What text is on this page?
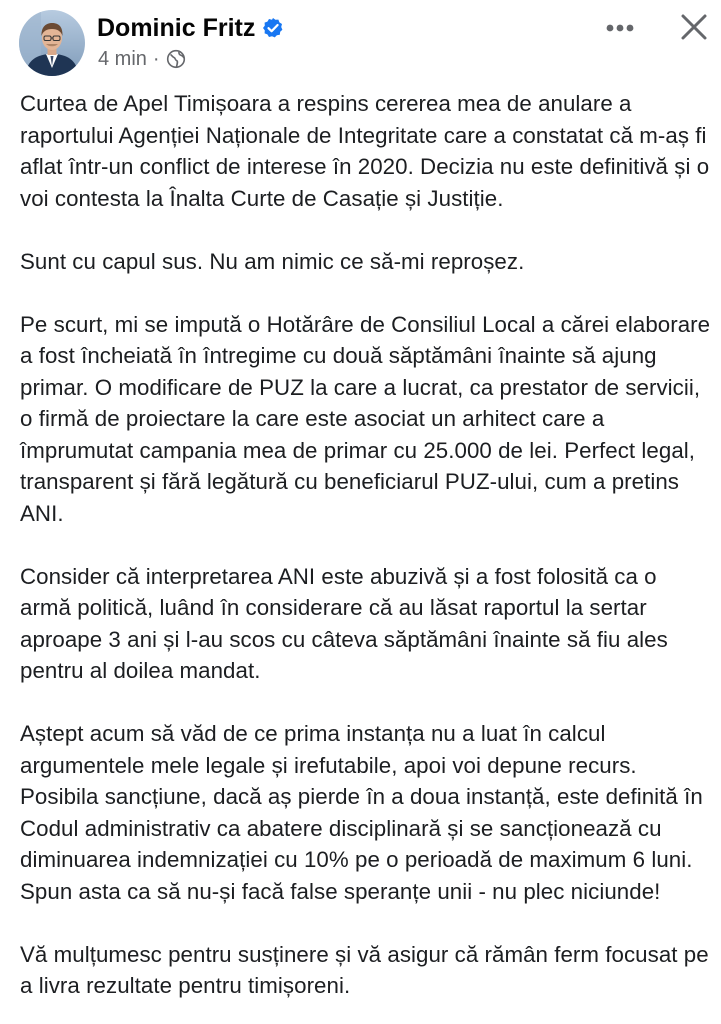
Dominic Fritz
4 min ·

Curtea de Apel Timișoara a respins cererea mea de anulare a raportului Agenției Naționale de Integritate care a constatat că m-aș fi aflat într-un conflict de interese în 2020. Decizia nu este definitivă și o voi contesta la Înalta Curte de Casație și Justiție.

Sunt cu capul sus. Nu am nimic ce să-mi reproșez.

Pe scurt, mi se impută o Hotărâre de Consiliul Local a cărei elaborare a fost încheiată în întregime cu două săptămâni înainte să ajung primar. O modificare de PUZ la care a lucrat, ca prestator de servicii, o firmă de proiectare la care este asociat un arhitect care a împrumutat campania mea de primar cu 25.000 de lei. Perfect legal, transparent și fără legătură cu beneficiarul PUZ-ului, cum a pretins ANI.

Consider că interpretarea ANI este abuzivă și a fost folosită ca o armă politică, luând în considerare că au lăsat raportul la sertar aproape 3 ani și l-au scos cu câteva săptămâni înainte să fiu ales pentru al doilea mandat.

Aștept acum să văd de ce prima instanța nu a luat în calcul argumentele mele legale și irefutabile, apoi voi depune recurs. Posibila sancțiune, dacă aș pierde în a doua instanță, este definită în Codul administrativ ca abatere disciplinară și se sancționează cu diminuarea indemnizației cu 10% pe o perioadă de maximum 6 luni. Spun asta ca să nu-și facă false speranțe unii - nu plec niciunde!

Vă mulțumesc pentru susținere și vă asigur că rămân ferm focusat pe a livra rezultate pentru timișoreni.
